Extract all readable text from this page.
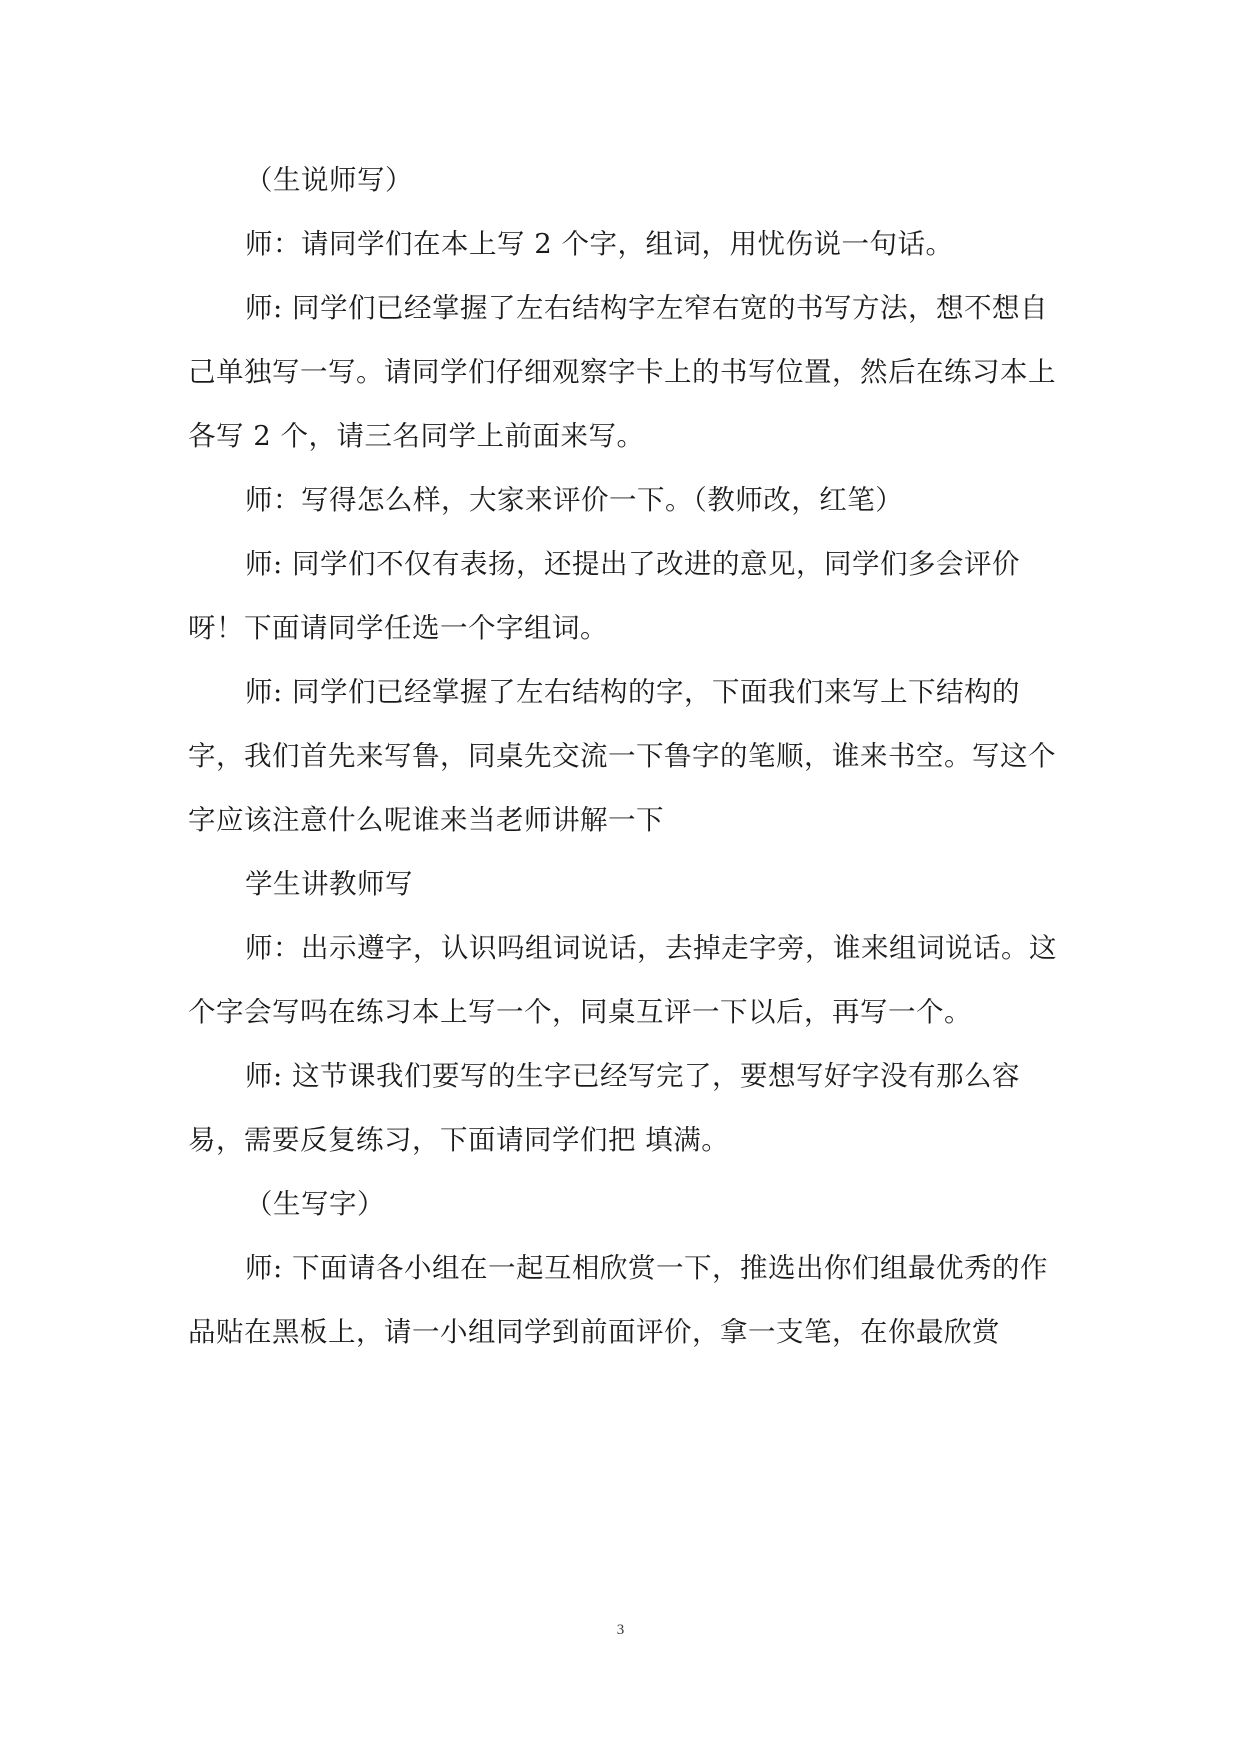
（生说师写）

师：请同学们在本上写 2 个字，组词，用忧伤说一句话。

师: 同学们已经掌握了左右结构字左窄右宽的书写方法，想不想自己单独写一写。请同学们仔细观察字卡上的书写位置，然后在练习本上各写 2 个，请三名同学上前面来写。

师：写得怎么样，大家来评价一下。（教师改，红笔）

师: 同学们不仅有表扬，还提出了改进的意见，同学们多会评价呀！下面请同学任选一个字组词。

师: 同学们已经掌握了左右结构的字，下面我们来写上下结构的字，我们首先来写鲁，同桌先交流一下鲁字的笔顺，谁来书空。写这个字应该注意什么呢谁来当老师讲解一下

学生讲教师写

师：出示遵字，认识吗组词说话，去掉走字旁，谁来组词说话。这个字会写吗在练习本上写一个，同桌互评一下以后，再写一个。

师: 这节课我们要写的生字已经写完了，要想写好字没有那么容易，需要反复练习，下面请同学们把 填满。

（生写字）

师: 下面请各小组在一起互相欣赏一下，推选出你们组最优秀的作品贴在黑板上，请一小组同学到前面评价，拿一支笔，在你最欣赏

3
